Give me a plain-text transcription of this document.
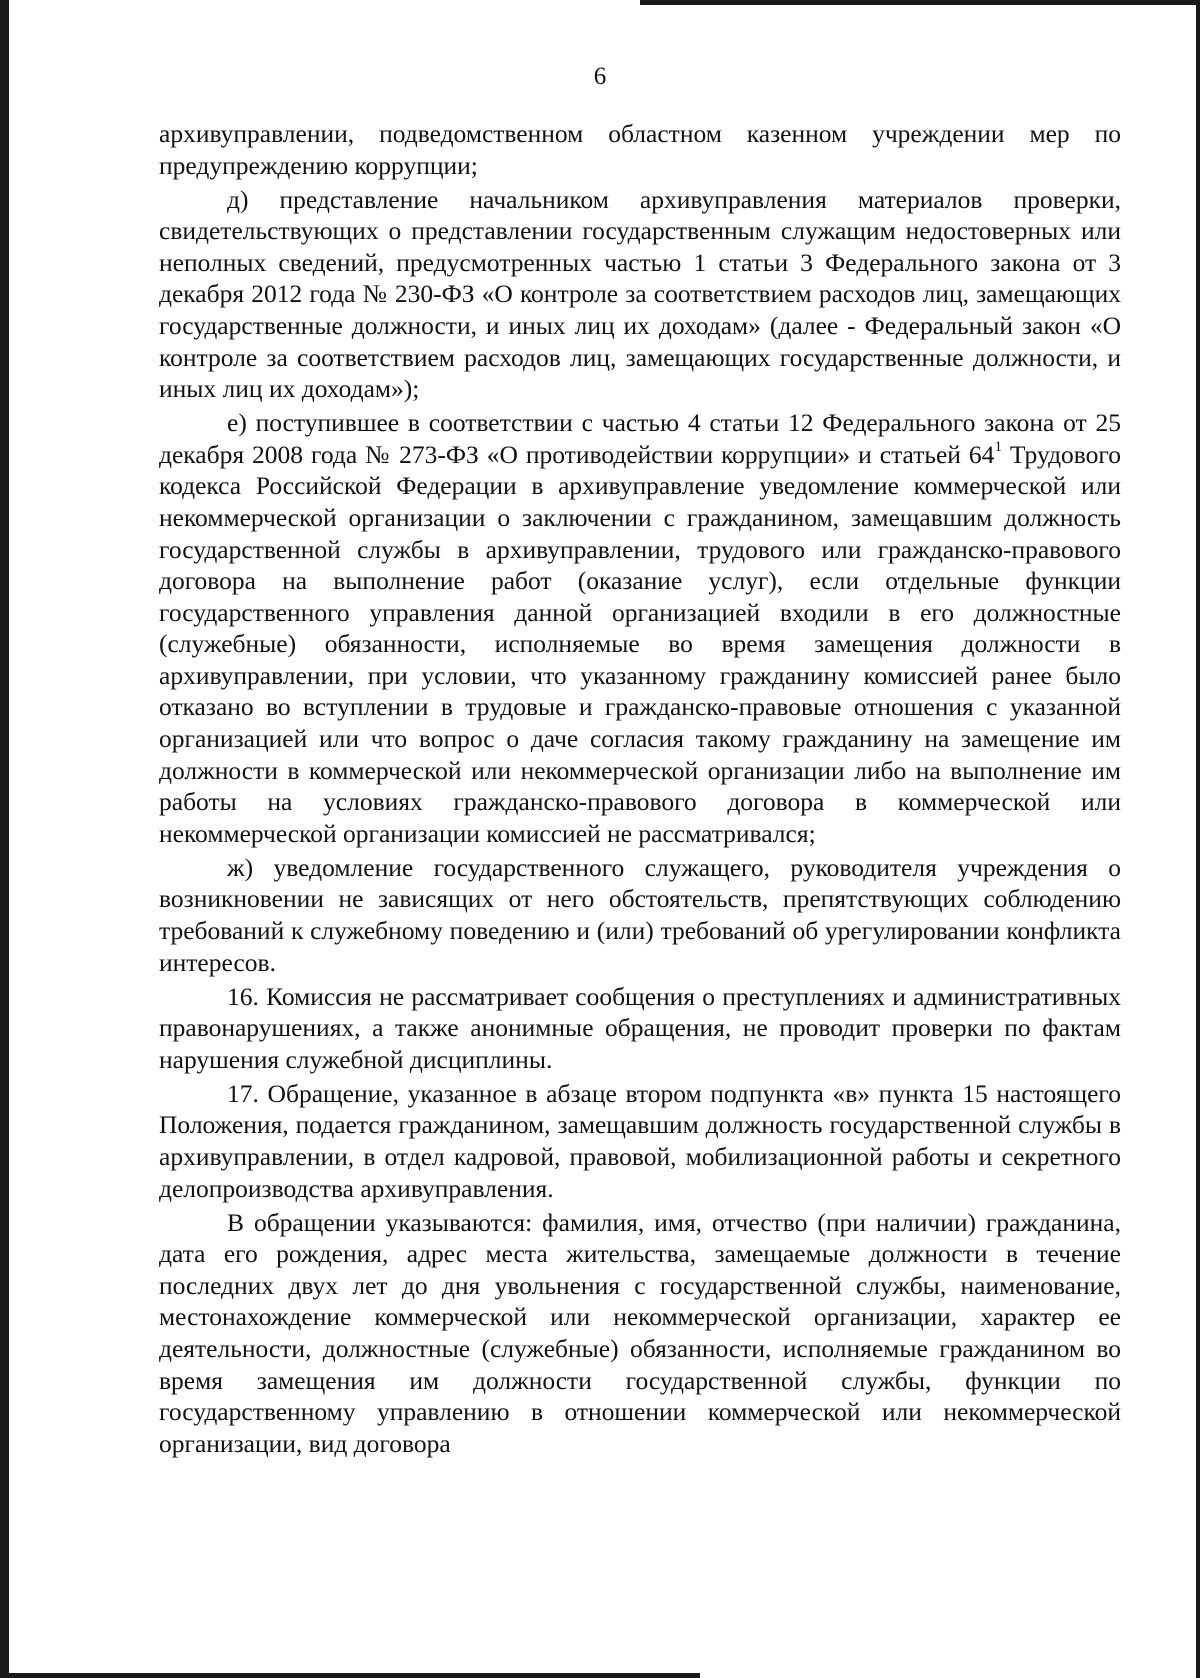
6

архивуправлении, подведомственном областном казенном учреждении мер по предупреждению коррупции;

д) представление начальником архивуправления материалов проверки, свидетельствующих о представлении государственным служащим недостоверных или неполных сведений, предусмотренных частью 1 статьи 3 Федерального закона от 3 декабря 2012 года № 230-ФЗ «О контроле за соответствием расходов лиц, замещающих государственные должности, и иных лиц их доходам» (далее - Федеральный закон «О контроле за соответствием расходов лиц, замещающих государственные должности, и иных лиц их доходам»);

е) поступившее в соответствии с частью 4 статьи 12 Федерального закона от 25 декабря 2008 года № 273-ФЗ «О противодействии коррупции» и статьей $64^1$ Трудового кодекса Российской Федерации в архивуправление уведомление коммерческой или некоммерческой организации о заключении с гражданином, замещавшим должность государственной службы в архивуправлении, трудового или гражданско-правового договора на выполнение работ (оказание услуг), если отдельные функции государственного управления данной организацией входили в его должностные (служебные) обязанности, исполняемые во время замещения должности в архивуправлении, при условии, что указанному гражданину комиссией ранее было отказано во вступлении в трудовые и гражданско-правовые отношения с указанной организацией или что вопрос о даче согласия такому гражданину на замещение им должности в коммерческой или некоммерческой организации либо на выполнение им работы на условиях гражданско-правового договора в коммерческой или некоммерческой организации комиссией не рассматривался;

ж) уведомление государственного служащего, руководителя учреждения о возникновении не зависящих от него обстоятельств, препятствующих соблюдению требований к служебному поведению и (или) требований об урегулировании конфликта интересов.

16. Комиссия не рассматривает сообщения о преступлениях и административных правонарушениях, а также анонимные обращения, не проводит проверки по фактам нарушения служебной дисциплины.

17. Обращение, указанное в абзаце втором подпункта «в» пункта 15 настоящего Положения, подается гражданином, замещавшим должность государственной службы в архивуправлении, в отдел кадровой, правовой, мобилизационной работы и секретного делопроизводства архивуправления.

В обращении указываются: фамилия, имя, отчество (при наличии) гражданина, дата его рождения, адрес места жительства, замещаемые должности в течение последних двух лет до дня увольнения с государственной службы, наименование, местонахождение коммерческой или некоммерческой организации, характер ее деятельности, должностные (служебные) обязанности, исполняемые гражданином во время замещения им должности государственной службы, функции по государственному управлению в отношении коммерческой или некоммерческой организации, вид договора
